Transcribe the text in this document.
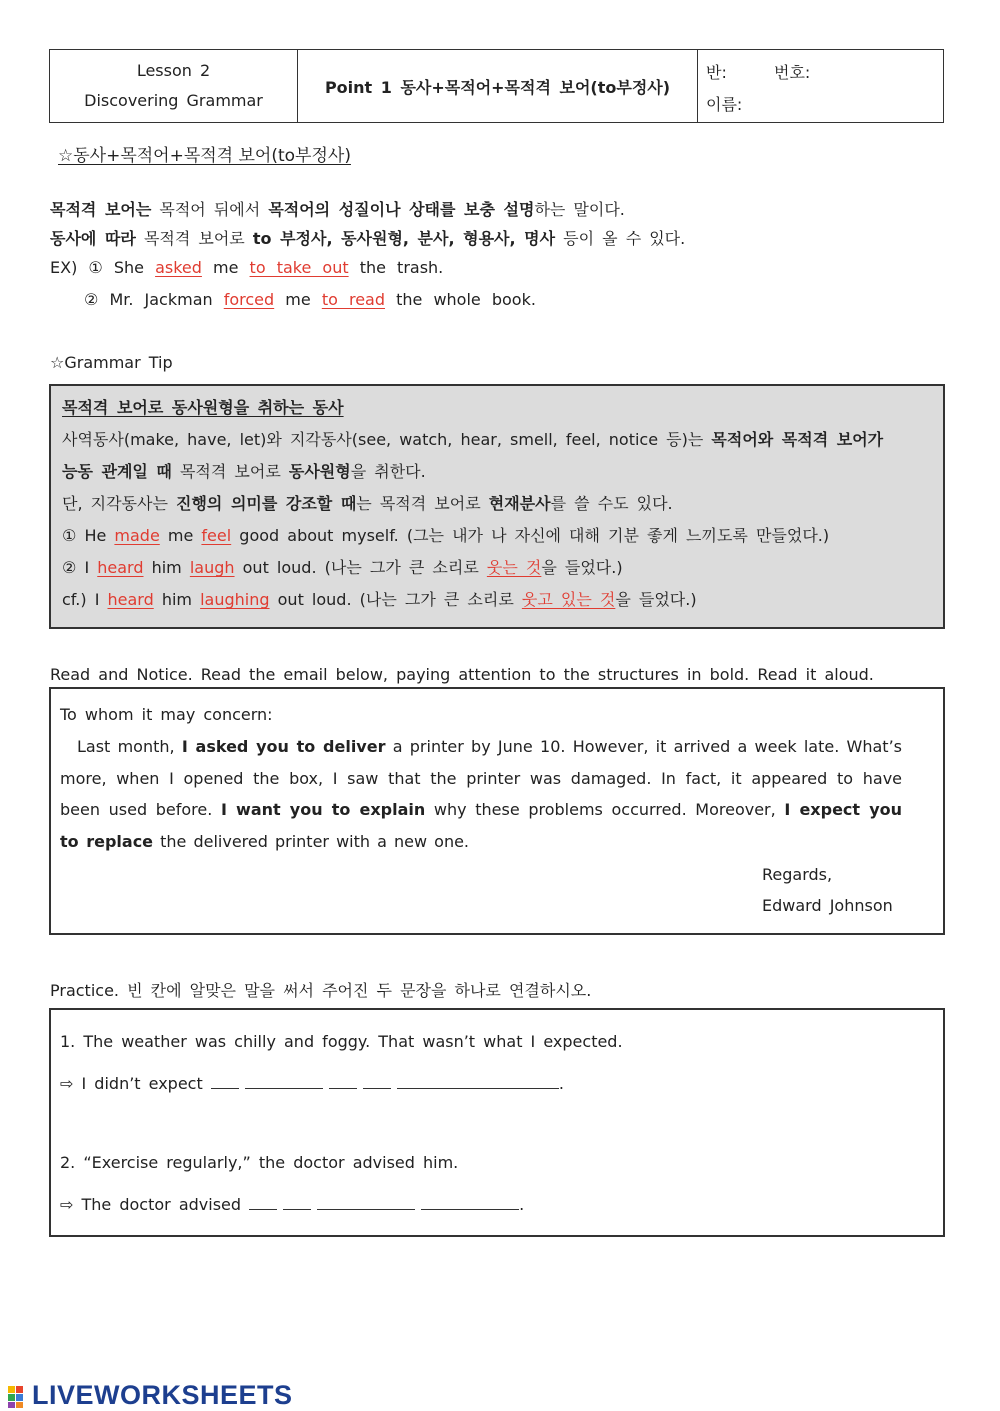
Lesson 2
Discovering Grammar
Point 1 동사+목적어+목적격 보어(to부정사)
반:	번호:
이름:
☆동사+목적어+목적격 보어(to부정사)
목적격 보어는 목적어 뒤에서 목적어의 성질이나 상태를 보충 설명하는 말이다.
동사에 따라 목적격 보어로 to 부정사, 동사원형, 분사, 형용사, 명사 등이 올 수 있다.
EX) ① She asked me to take out the trash.
② Mr. Jackman forced me to read the whole book.
☆Grammar Tip
목적격 보어로 동사원형을 취하는 동사
사역동사(make, have, let)와 지각동사(see, watch, hear, smell, feel, notice 등)는 목적어와 목적격 보어가
능동 관계일 때 목적격 보어로 동사원형을 취한다.
단, 지각동사는 진행의 의미를 강조할 때는 목적격 보어로 현재분사를 쓸 수도 있다.
① He made me feel good about myself. (그는 내가 나 자신에 대해 기분 좋게 느끼도록 만들었다.)
② I heard him laugh out loud. (나는 그가 큰 소리로 웃는 것을 들었다.)
cf.) I heard him laughing out loud. (나는 그가 큰 소리로 웃고 있는 것을 들었다.)
Read and Notice. Read the email below, paying attention to the structures in bold. Read it aloud.
To whom it may concern:
Last month, I asked you to deliver a printer by June 10. However, it arrived a week late. What’s more, when I opened the box, I saw that the printer was damaged. In fact, it appeared to have been used before. I want you to explain why these problems occurred. Moreover, I expect you to replace the delivered printer with a new one.
Regards,
Edward Johnson
Practice. 빈 칸에 알맞은 말을 써서 주어진 두 문장을 하나로 연결하시오.
1. The weather was chilly and foggy. That wasn’t what I expected.
⇨ I didn’t expect	.
2. “Exercise regularly,” the doctor advised him.
⇨ The doctor advised	.
LIVEWORKSHEETS
